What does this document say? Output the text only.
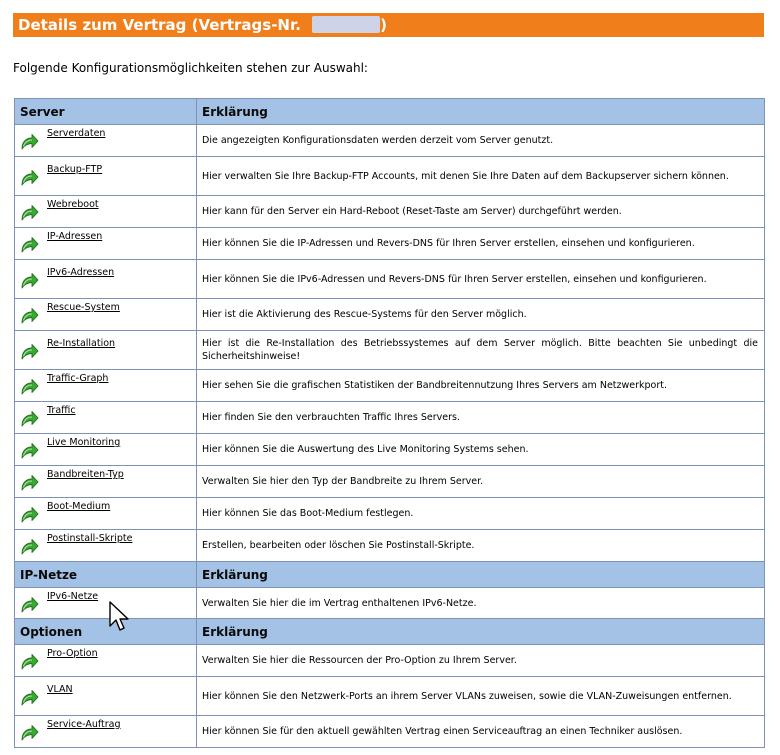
Details zum Vertrag (Vertrags-Nr.	)
Folgende Konfigurationsmöglichkeiten stehen zur Auswahl:
Server	Erklärung

Serverdaten	Die angezeigten Konfigurationsdaten werden derzeit vom Server genutzt.

Backup-FTP	Hier verwalten Sie Ihre Backup-FTP Accounts, mit denen Sie Ihre Daten auf dem Backupserver sichern können.

Webreboot	Hier kann für den Server ein Hard-Reboot (Reset-Taste am Server) durchgeführt werden.

IP-Adressen	Hier können Sie die IP-Adressen und Revers-DNS für Ihren Server erstellen, einsehen und konfigurieren.

IPv6-Adressen	Hier können Sie die IPv6-Adressen und Revers-DNS für Ihren Server erstellen, einsehen und konfigurieren.

Rescue-System	Hier ist die Aktivierung des Rescue-Systems für den Server möglich.

Re-Installation	Hier ist die Re-Installation des Betriebssystemes auf dem Server möglich. Bitte beachten Sie unbedingt die Sicherheitshinweise!

Traffic-Graph	Hier sehen Sie die grafischen Statistiken der Bandbreitennutzung Ihres Servers am Netzwerkport.

Traffic	Hier finden Sie den verbrauchten Traffic Ihres Servers.

Live Monitoring	Hier können Sie die Auswertung des Live Monitoring Systems sehen.

Bandbreiten-Typ	Verwalten Sie hier den Typ der Bandbreite zu Ihrem Server.

Boot-Medium	Hier können Sie das Boot-Medium festlegen.

Postinstall-Skripte	Erstellen, bearbeiten oder löschen Sie Postinstall-Skripte.
IP-Netze	Erklärung

IPv6-Netze	Verwalten Sie hier die im Vertrag enthaltenen IPv6-Netze.
Optionen	Erklärung

Pro-Option	Verwalten Sie hier die Ressourcen der Pro-Option zu Ihrem Server.

VLAN	Hier können Sie den Netzwerk-Ports an ihrem Server VLANs zuweisen, sowie die VLAN-Zuweisungen entfernen.

Service-Auftrag	Hier können Sie für den aktuell gewählten Vertrag einen Serviceauftrag an einen Techniker auslösen.
